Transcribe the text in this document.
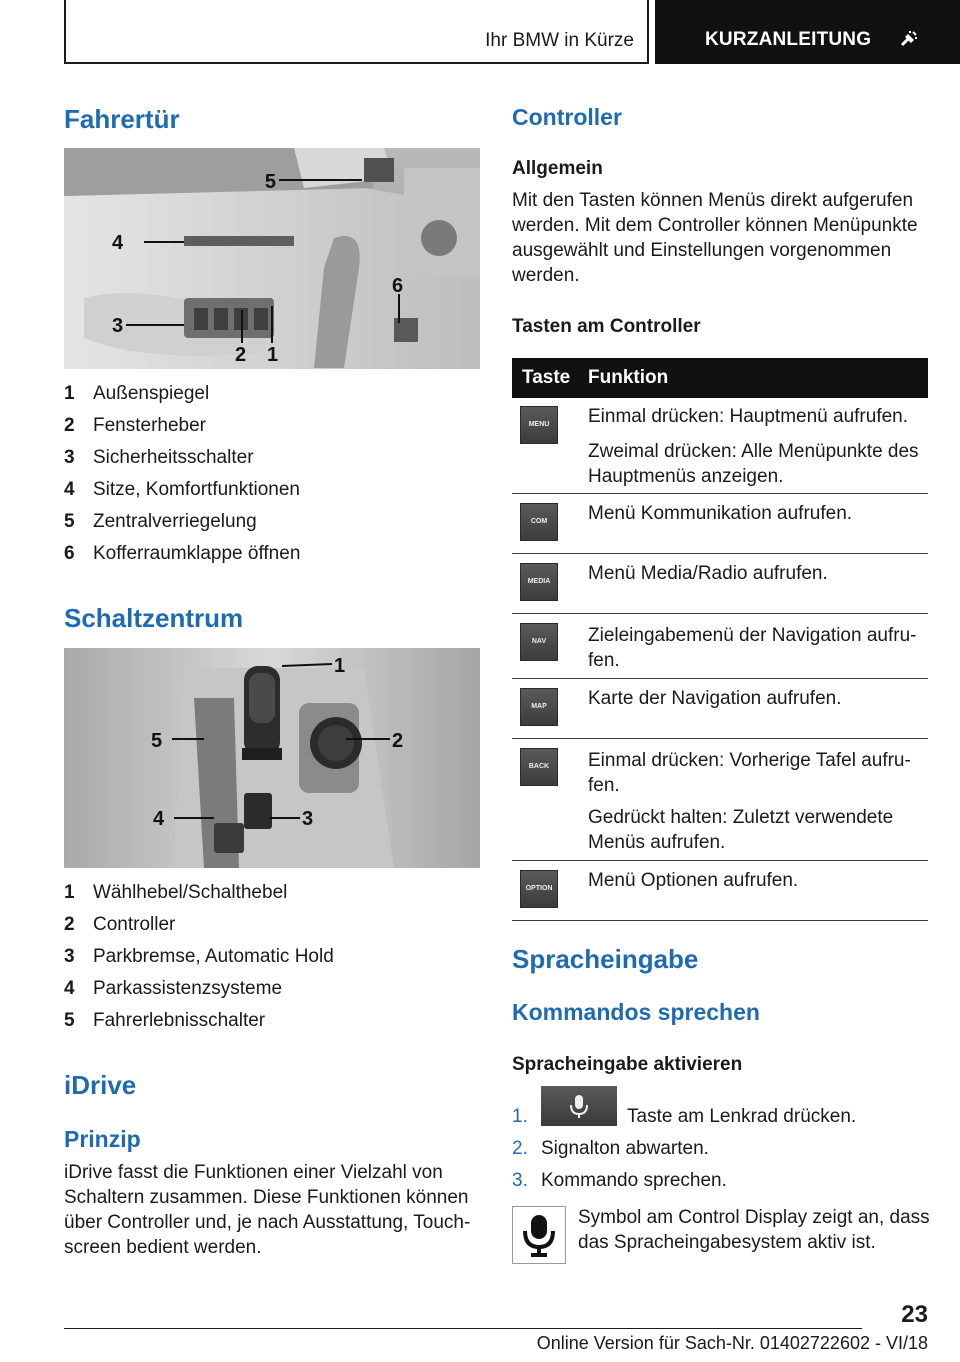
Ihr BMW in Kürze	KURZANLEITUNG
Fahrertür
5
4
6
3
2 1
1 Außenspiegel
2 Fensterheber
3 Sicherheitsschalter
4 Sitze, Komfortfunktionen
5 Zentralverriegelung
6 Kofferraumklappe öffnen
Schaltzentrum
1
5	2
4	3
1 Wählhebel/Schalthebel
2 Controller
3 Parkbremse, Automatic Hold
4 Parkassistenzsysteme
5 Fahrerlebnisschalter
iDrive
Prinzip

iDrive fasst die Funktionen einer Vielzahl von Schaltern zusammen. Diese Funktionen können über Controller und, je nach Ausstattung, Touchscreen bedient werden.

Controller
Allgemein

Mit den Tasten können Menüs direkt aufgerufen werden. Mit dem Controller können Menüpunkte ausgewählt und Einstellungen vorgenommen werden.

Tasten am Controller
Taste Funktion
MENU	Einmal drücken: Hauptmenü aufrufen.
Zweimal drücken: Alle Menüpunkte des Hauptmenüs anzeigen.
COM	Menü Kommunikation aufrufen.
MEDIA	Menü Media/Radio aufrufen.
NAV	Zieleingabemenü der Navigation aufrufen.
MAP	Karte der Navigation aufrufen.
BACK	Einmal drücken: Vorherige Tafel aufrufen.
Gedrückt halten: Zuletzt verwendete Menüs aufrufen.
OPTION Menü Optionen aufrufen.
Spracheingabe
Kommandos sprechen
Spracheingabe aktivieren
1.	Taste am Lenkrad drücken.
2. Signalton abwarten.
3. Kommando sprechen.

Symbol am Control Display zeigt an, dass das Spracheingabesystem aktiv ist.

23
Online Version für Sach-Nr. 01402722602 - VI/18
